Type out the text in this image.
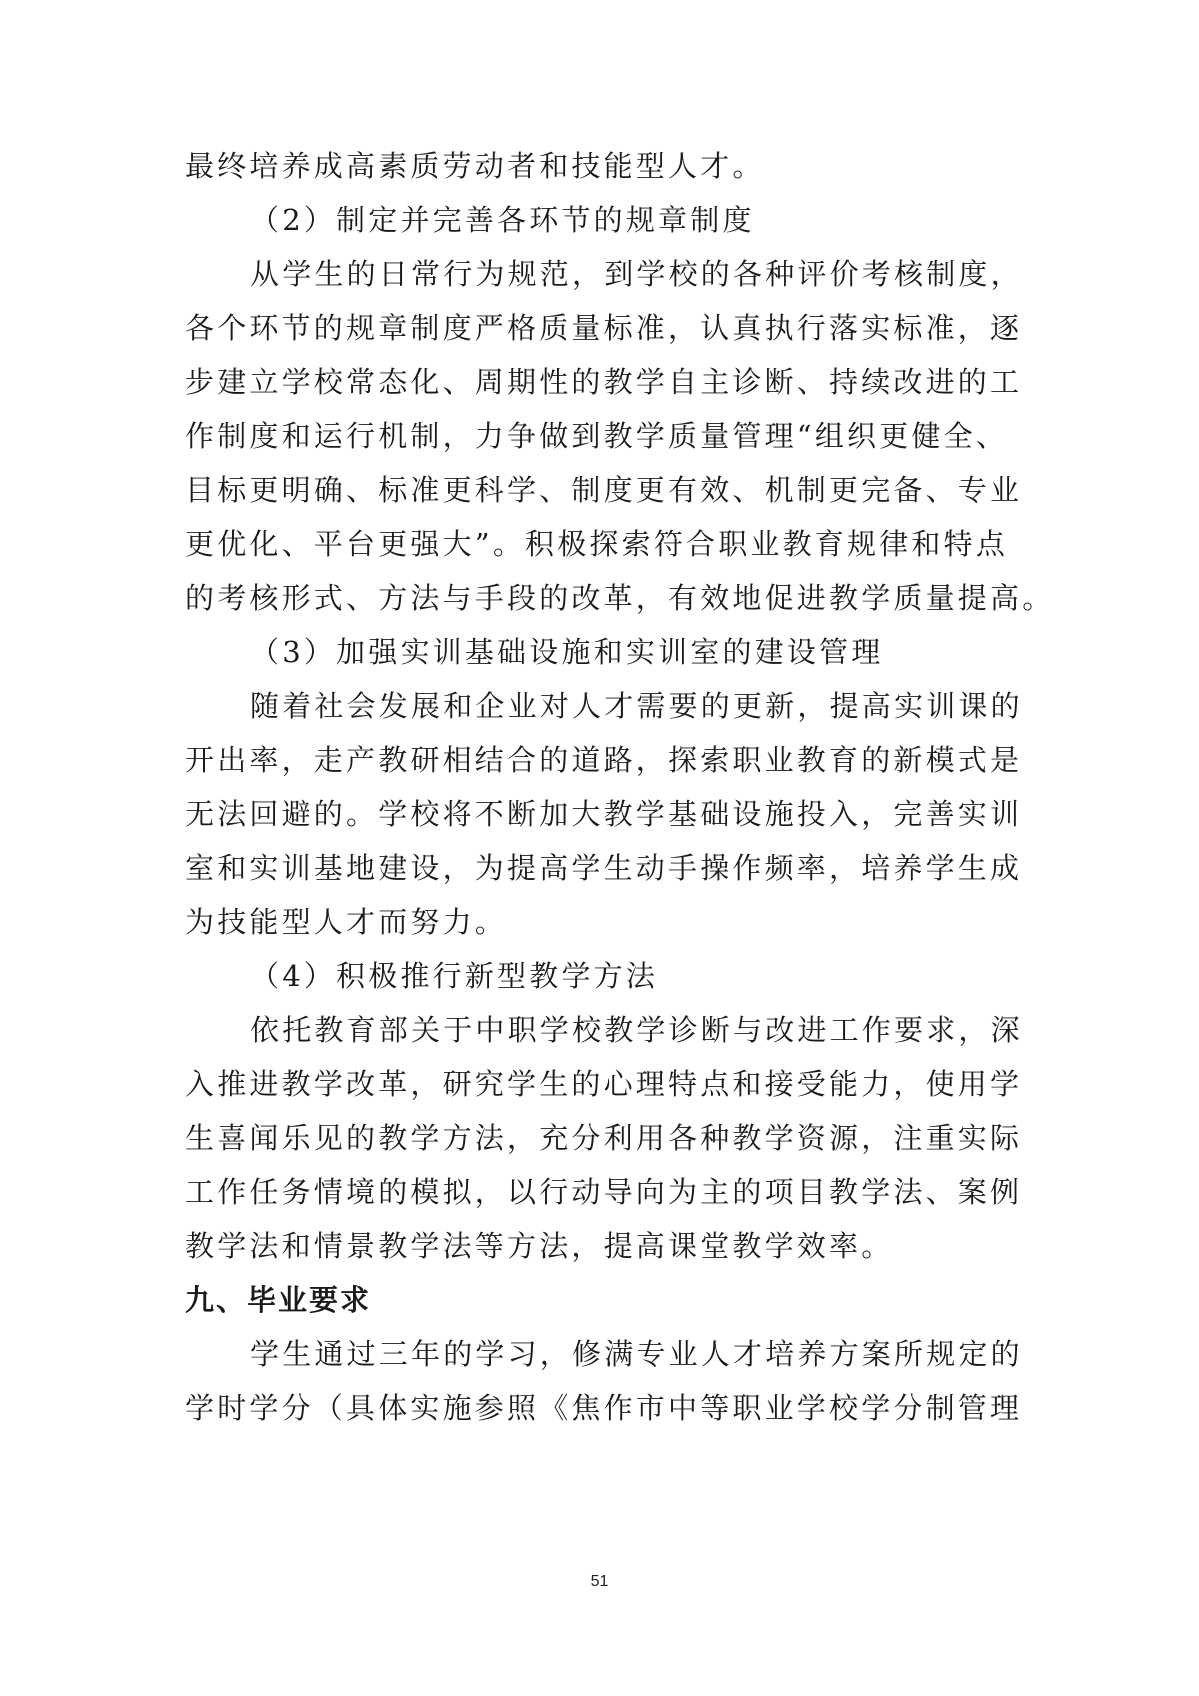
最终培养成高素质劳动者和技能型人才。
（2）制定并完善各环节的规章制度
从学生的日常行为规范，到学校的各种评价考核制度，
各个环节的规章制度严格质量标准，认真执行落实标准，逐
步建立学校常态化、周期性的教学自主诊断、持续改进的工
作制度和运行机制，力争做到教学质量管理“组织更健全、
目标更明确、标准更科学、制度更有效、机制更完备、专业
更优化、平台更强大”。积极探索符合职业教育规律和特点
的考核形式、方法与手段的改革，有效地促进教学质量提高。
（3）加强实训基础设施和实训室的建设管理
随着社会发展和企业对人才需要的更新，提高实训课的
开出率，走产教研相结合的道路，探索职业教育的新模式是
无法回避的。学校将不断加大教学基础设施投入，完善实训
室和实训基地建设，为提高学生动手操作频率，培养学生成
为技能型人才而努力。
（4）积极推行新型教学方法
依托教育部关于中职学校教学诊断与改进工作要求，深
入推进教学改革，研究学生的心理特点和接受能力，使用学
生喜闻乐见的教学方法，充分利用各种教学资源，注重实际
工作任务情境的模拟，以行动导向为主的项目教学法、案例
教学法和情景教学法等方法，提高课堂教学效率。
九、毕业要求
学生通过三年的学习，修满专业人才培养方案所规定的
学时学分（具体实施参照《焦作市中等职业学校学分制管理
51
